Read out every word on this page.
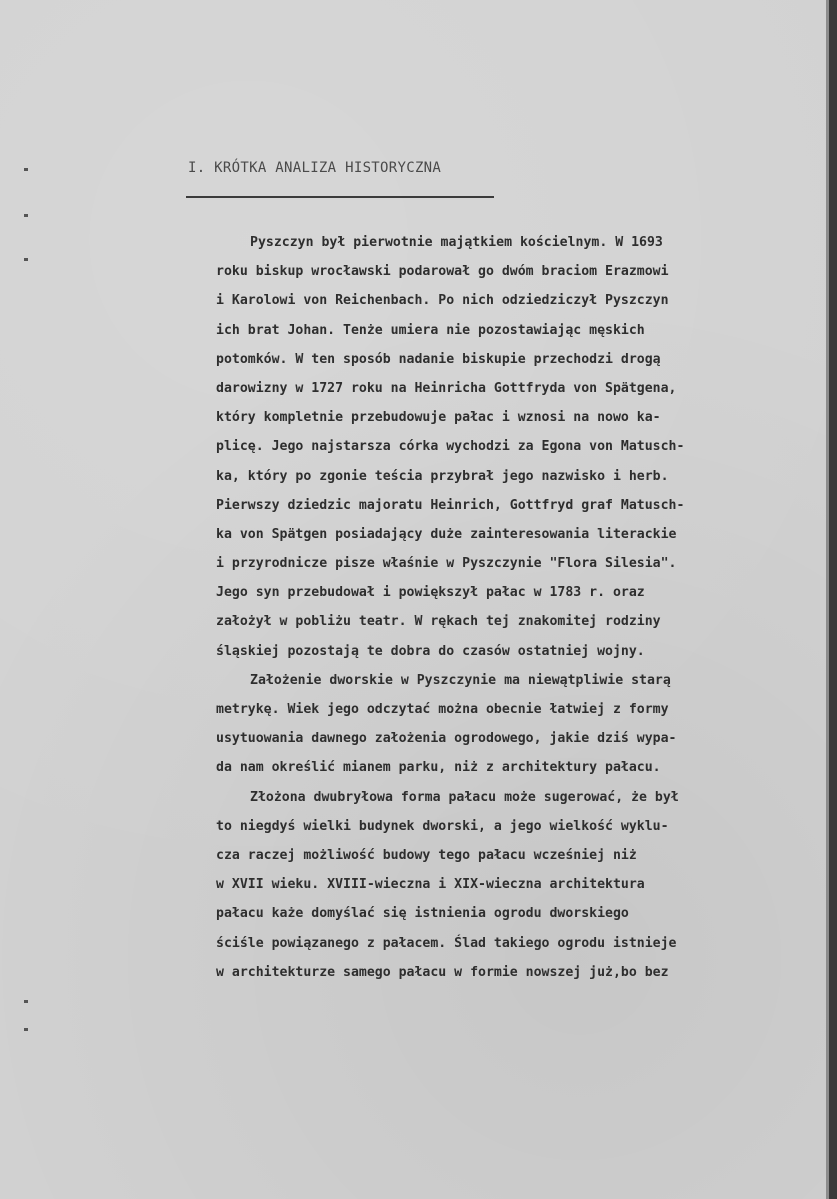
I. KRÓTKA ANALIZA HISTORYCZNA
Pyszczyn był pierwotnie majątkiem kościelnym. W 1693
roku biskup wrocławski podarował go dwóm braciom Erazmowi
i Karolowi von Reichenbach. Po nich odziedziczył Pyszczyn
ich brat Johan. Tenże umiera nie pozostawiając męskich
potomków. W ten sposób nadanie biskupie przechodzi drogą
darowizny w 1727 roku na Heinricha Gottfryda von Spätgena,
który kompletnie przebudowuje pałac i wznosi na nowo ka-
plicę. Jego najstarsza córka wychodzi za Egona von Matusch-
ka, który po zgonie teścia przybrał jego nazwisko i herb.
Pierwszy dziedzic majoratu Heinrich, Gottfryd graf Matusch-
ka von Spätgen posiadający duże zainteresowania literackie
i przyrodnicze pisze właśnie w Pyszczynie "Flora Silesia".
Jego syn przebudował i powiększył pałac w 1783 r. oraz
założył w pobliżu teatr. W rękach tej znakomitej rodziny
śląskiej pozostają te dobra do czasów ostatniej wojny.
Założenie dworskie w Pyszczynie ma niewątpliwie starą
metrykę. Wiek jego odczytać można obecnie łatwiej z formy
usytuowania dawnego założenia ogrodowego, jakie dziś wypa-
da nam określić mianem parku, niż z architektury pałacu.
Złożona dwubryłowa forma pałacu może sugerować, że był
to niegdyś wielki budynek dworski, a jego wielkość wyklu-
cza raczej możliwość budowy tego pałacu wcześniej niż
w XVII wieku. XVIII-wieczna i XIX-wieczna architektura
pałacu każe domyślać się istnienia ogrodu dworskiego
ściśle powiązanego z pałacem. Ślad takiego ogrodu istnieje
w architekturze samego pałacu w formie nowszej już,bo bez
